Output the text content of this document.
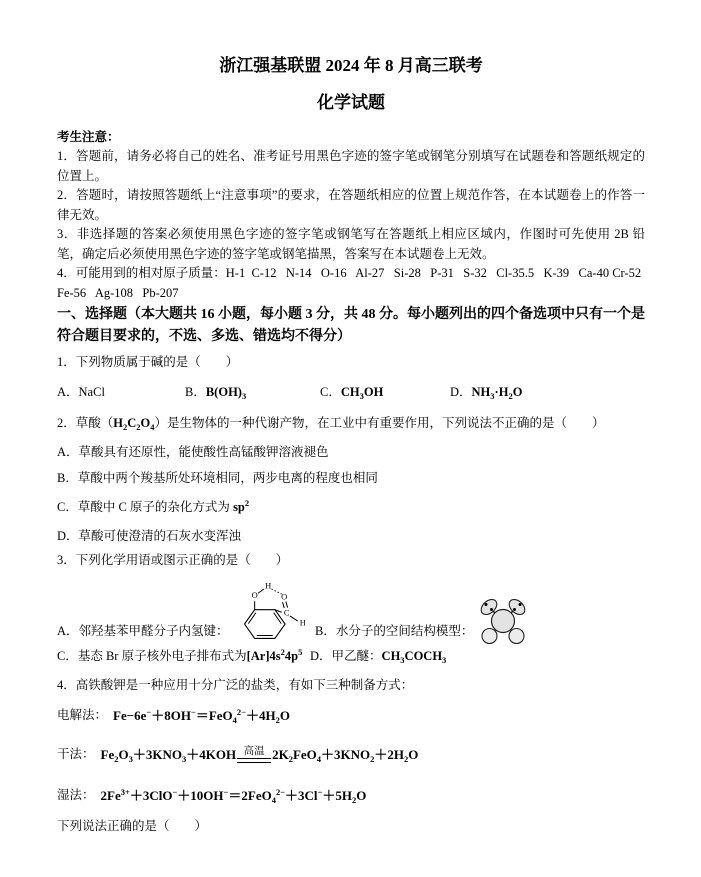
浙江强基联盟 2024 年 8 月高三联考
化学试题
考生注意：

1．答题前，请务必将自己的姓名、准考证号用黑色字迹的签字笔或钢笔分别填写在试题卷和答题纸规定的位置上。

2．答题时，请按照答题纸上“注意事项”的要求，在答题纸相应的位置上规范作答，在本试题卷上的作答一律无效。

3．非选择题的答案必须使用黑色字迹的签字笔或钢笔写在答题纸上相应区域内，作图时可先使用 2B 铅笔，确定后必须使用黑色字迹的签字笔或钢笔描黑，答案写在本试题卷上无效。

4．可能用到的相对原子质量：H-1  C-12   N-14   O-16   Al-27   Si-28   P-31   S-32   Cl-35.5   K-39   Ca-40 Cr-52   Fe-56   Ag-108   Pb-207

一、选择题（本大题共 16 小题，每小题 3 分，共 48 分。每小题列出的四个备选项中只有一个是符合题目要求的，不选、多选、错选均不得分）

1．下列物质属于碱的是（　　）

A．NaCl	B．$B(OH)_3$	C．$CH_3OH$	D．$NH_3\cdot H_2O$

2．草酸$(H_2C_2O_4)$是生物体的一种代谢产物，在工业中有重要作用，下列说法不正确的是（　　）

A．草酸具有还原性，能使酸性高锰酸钾溶液褪色

B．草酸中两个羧基所处环境相同，两步电离的程度也相同

C．草酸中 C 原子的杂化方式为 $sp^2$

D．草酸可使澄清的石灰水变浑浊

3．下列化学用语或图示正确的是（　　）

A．邻羟基苯甲醛分子内氢键：
O
H
O
C
H
B．水分子的空间结构模型：
C．基态 Br 原子核外电子排布式为$[Ar]4s^24p^5$ D．甲乙醚：$CH_3COCH_3$

4．高铁酸钾是一种应用十分广泛的盐类，有如下三种制备方式：

电解法： $Fe-6e^-+8OH^-=FeO_4^{2-}+4H_2O$
干法： $Fe_2O_3+3KNO_3+4KOH$ 高温 $2K_2FeO_4+3KNO_2+2H_2O$
湿法： $2Fe^{3+}+3ClO^-+10OH^-=2FeO_4^{2-}+3Cl^-+5H_2O$

下列说法正确的是（　　）
